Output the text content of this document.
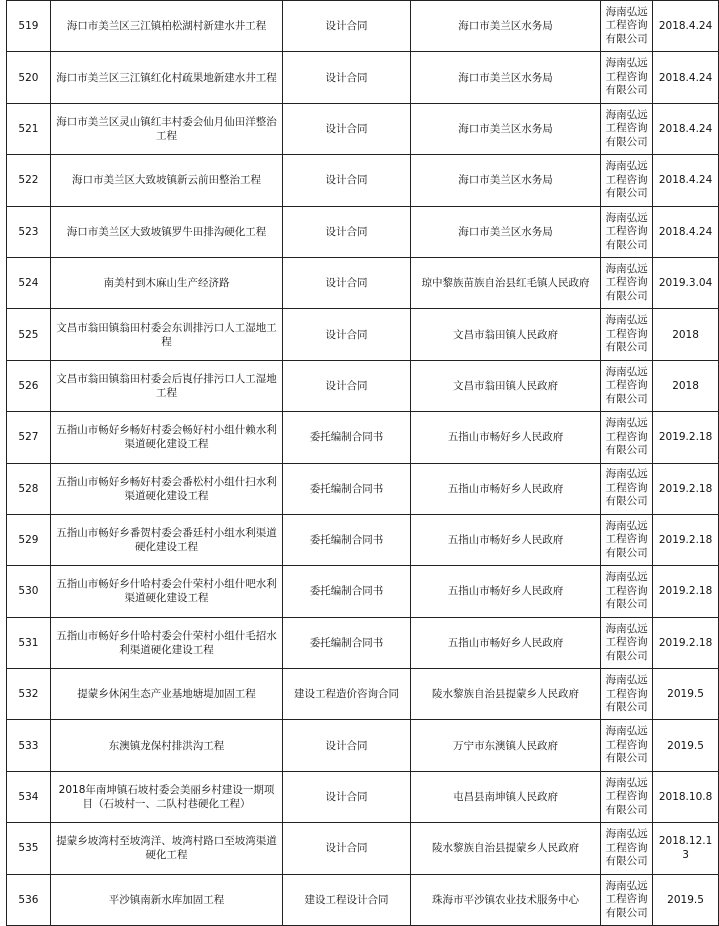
519	海口市美兰区三江镇柏松湖村新建水井工程	设计合同	海口市美兰区水务局	海南弘远工程咨询有限公司	2018.4.24
520	海口市美兰区三江镇红化村疏果地新建水井工程	设计合同	海口市美兰区水务局	海南弘远工程咨询有限公司	2018.4.24
521	海口市美兰区灵山镇红丰村委会仙月仙田洋整治工程	设计合同	海口市美兰区水务局	海南弘远工程咨询有限公司	2018.4.24
522	海口市美兰区大致坡镇新云前田整治工程	设计合同	海口市美兰区水务局	海南弘远工程咨询有限公司	2018.4.24
523	海口市美兰区大致坡镇罗牛田排沟硬化工程	设计合同	海口市美兰区水务局	海南弘远工程咨询有限公司	2018.4.24
524	南美村到木麻山生产经济路	设计合同	琼中黎族苗族自治县红毛镇人民政府	海南弘远工程咨询有限公司	2019.3.04
525	文昌市翁田镇翁田村委会东训排污口人工湿地工程	设计合同	文昌市翁田镇人民政府	海南弘远工程咨询有限公司	2018
526	文昌市翁田镇翁田村委会后崀仔排污口人工湿地工程	设计合同	文昌市翁田镇人民政府	海南弘远工程咨询有限公司	2018
527	五指山市畅好乡畅好村委会畅好村小组什赖水利渠道硬化建设工程	委托编制合同书	五指山市畅好乡人民政府	海南弘远工程咨询有限公司	2019.2.18
528	五指山市畅好乡畅好村委会番松村小组什扫水利渠道硬化建设工程	委托编制合同书	五指山市畅好乡人民政府	海南弘远工程咨询有限公司	2019.2.18
529	五指山市畅好乡番贺村委会番廷村小组水利渠道硬化建设工程	委托编制合同书	五指山市畅好乡人民政府	海南弘远工程咨询有限公司	2019.2.18
530	五指山市畅好乡什哈村委会什荣村小组什吧水利渠道硬化建设工程	委托编制合同书	五指山市畅好乡人民政府	海南弘远工程咨询有限公司	2019.2.18
531	五指山市畅好乡什哈村委会什荣村小组什毛招水利渠道硬化建设工程	委托编制合同书	五指山市畅好乡人民政府	海南弘远工程咨询有限公司	2019.2.18
532	提蒙乡休闲生态产业基地塘堤加固工程	建设工程造价咨询合同	陵水黎族自治县提蒙乡人民政府	海南弘远工程咨询有限公司	2019.5
533	东澳镇龙保村排洪沟工程	设计合同	万宁市东澳镇人民政府	海南弘远工程咨询有限公司	2019.5
534	2018年南坤镇石坡村委会美丽乡村建设一期项目（石坡村一、二队村巷硬化工程）	设计合同	屯昌县南坤镇人民政府	海南弘远工程咨询有限公司	2018.10.8
535	提蒙乡坡湾村至坡湾洋、坡湾村路口至坡湾渠道硬化工程	设计合同	陵水黎族自治县提蒙乡人民政府	海南弘远工程咨询有限公司	2018.12.13
536	平沙镇南新水库加固工程	建设工程设计合同	珠海市平沙镇农业技术服务中心	海南弘远工程咨询有限公司	2019.5
